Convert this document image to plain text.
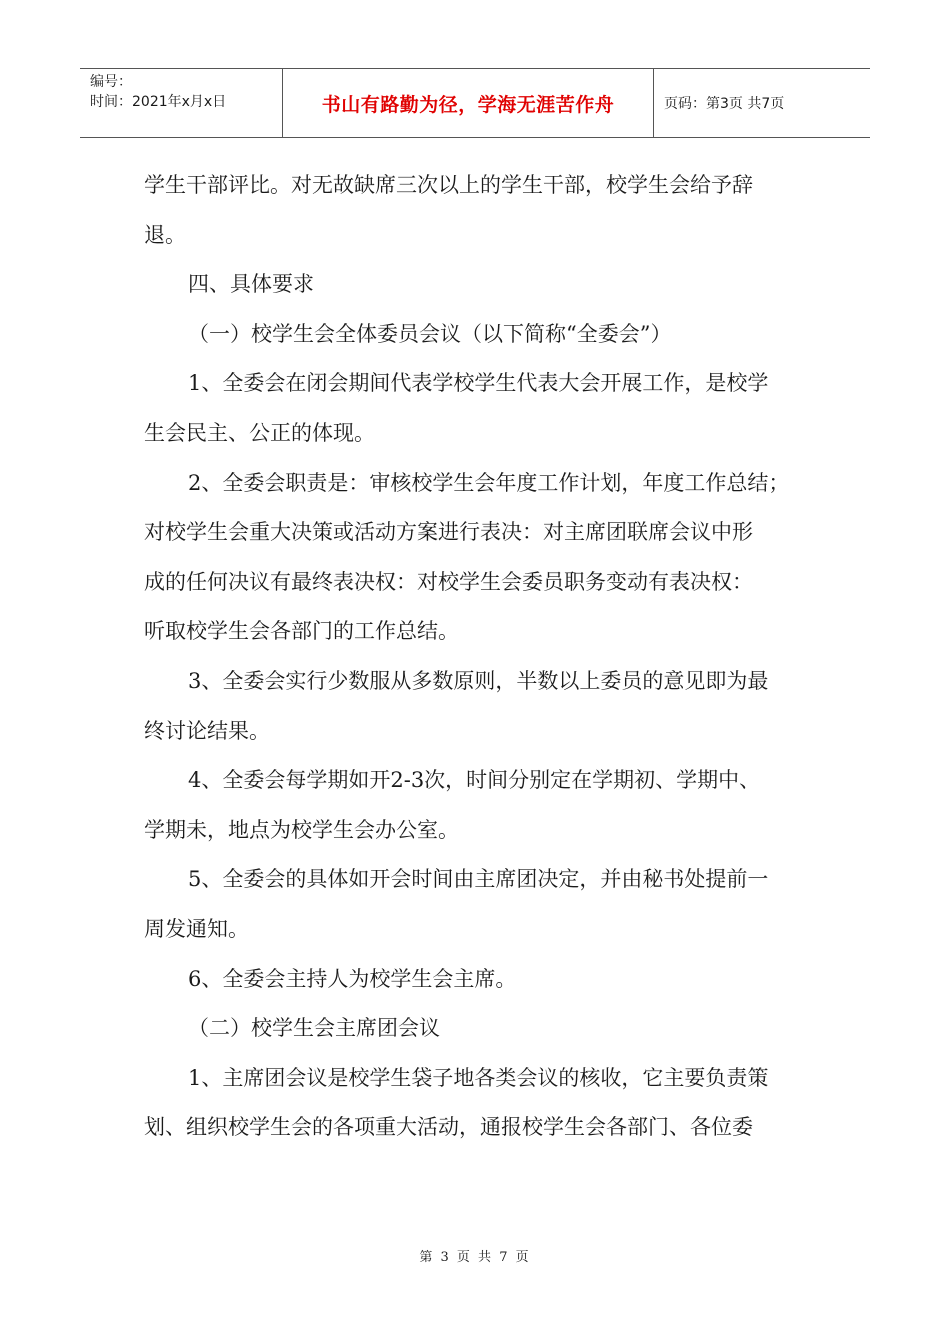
编号：
时间：2021年x月x日	书山有路勤为径，学海无涯苦作舟	页码：第3页 共7页

学生干部评比。对无故缺席三次以上的学生干部，校学生会给予辞

退。

四、具体要求

（一）校学生会全体委员会议（以下简称“全委会”）

1、全委会在闭会期间代表学校学生代表大会开展工作，是校学

生会民主、公正的体现。

2、全委会职责是：审核校学生会年度工作计划，年度工作总结；

对校学生会重大决策或活动方案进行表决：对主席团联席会议中形

成的任何决议有最终表决权：对校学生会委员职务变动有表决权：

听取校学生会各部门的工作总结。

3、全委会实行少数服从多数原则，半数以上委员的意见即为最

终讨论结果。

4、全委会每学期如开2-3次，时间分别定在学期初、学期中、

学期未，地点为校学生会办公室。

5、全委会的具体如开会时间由主席团决定，并由秘书处提前一

周发通知。

6、全委会主持人为校学生会主席。

（二）校学生会主席团会议

1、主席团会议是校学生袋子地各类会议的核收，它主要负责策

划、组织校学生会的各项重大活动，通报校学生会各部门、各位委

第 3 页 共 7 页
